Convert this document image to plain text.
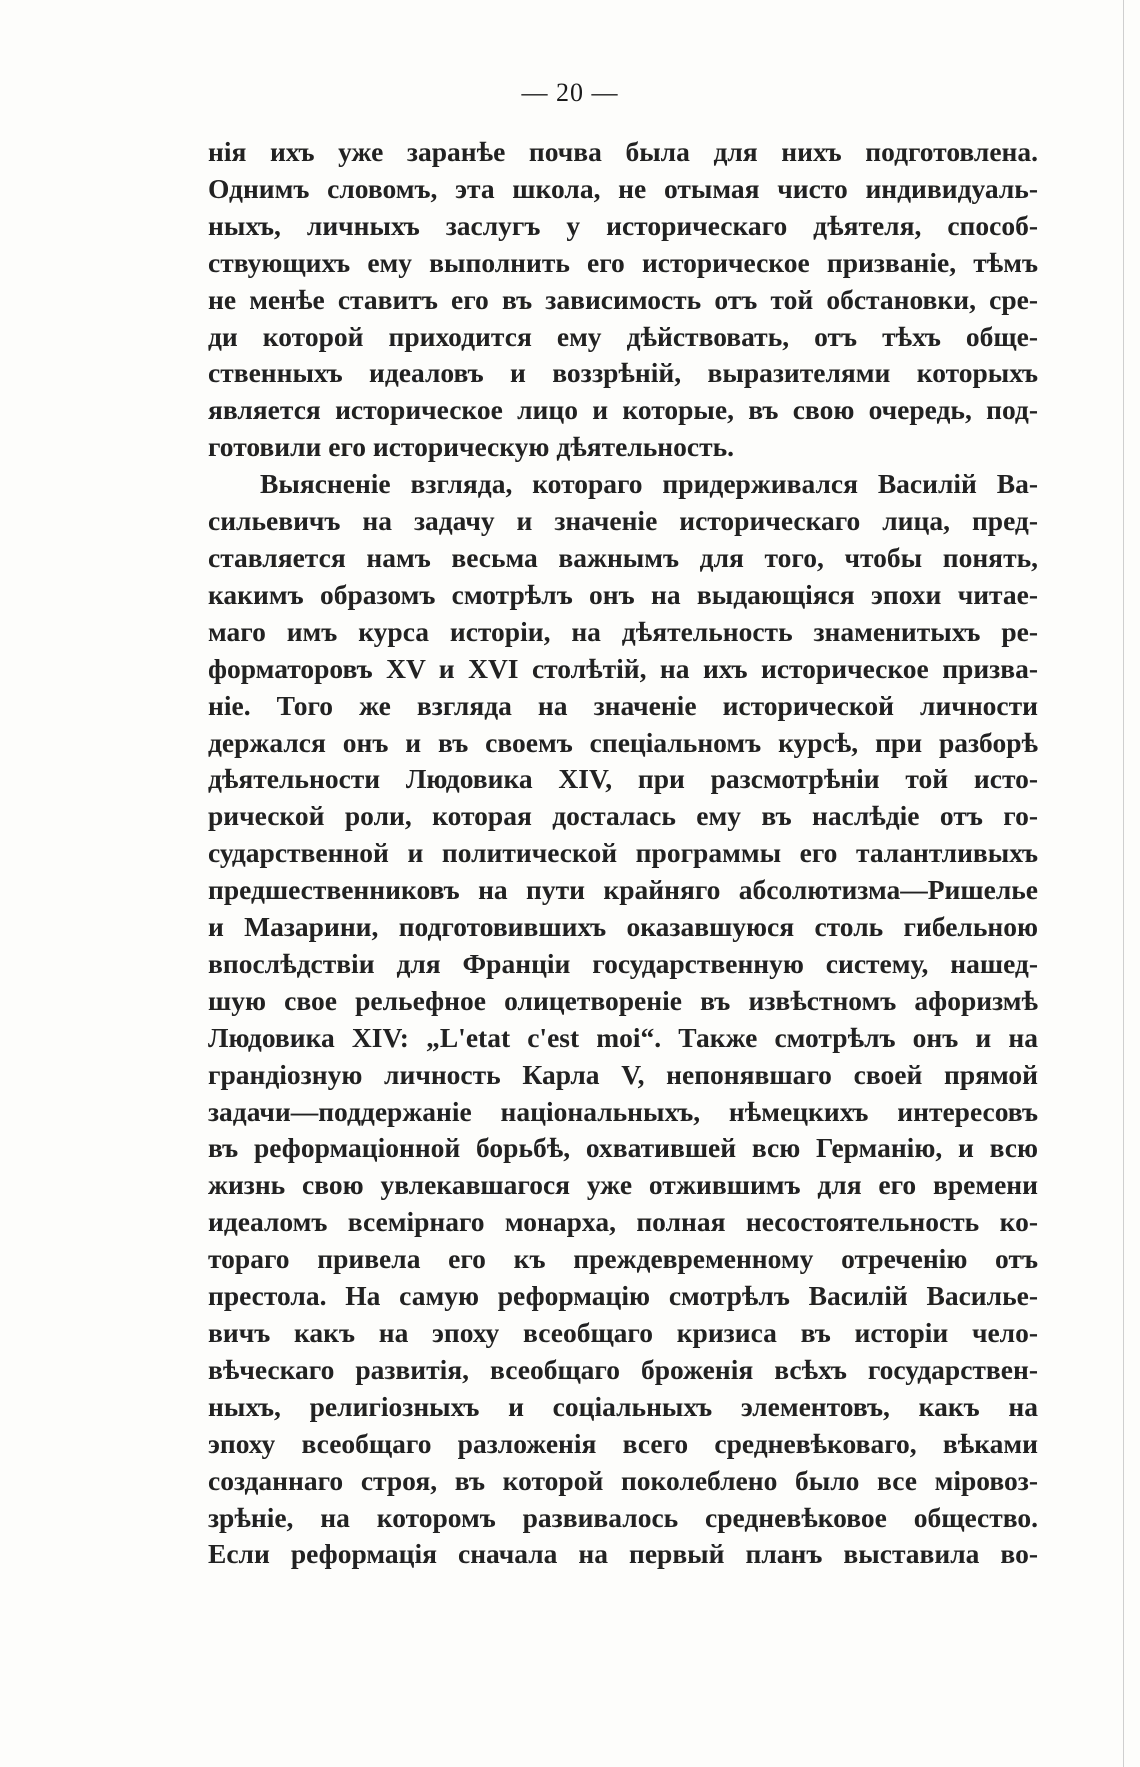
— 20 —
нія ихъ уже заранѣе почва была для нихъ подготовлена.
Однимъ словомъ, эта школа, не отымая чисто индивидуаль-
ныхъ, личныхъ заслугъ у историческаго дѣятеля, способ-
ствующихъ ему выполнить его историческое призваніе, тѣмъ
не менѣе ставитъ его въ зависимость отъ той обстановки, сре-
ди которой приходится ему дѣйствовать, отъ тѣхъ обще-
ственныхъ идеаловъ и воззрѣній, выразителями которыхъ
является историческое лицо и которые, въ свою очередь, под-
готовили его историческую дѣятельность.
Выясненіе взгляда, котораго придерживался Василій Ва-
сильевичъ на задачу и значеніе историческаго лица, пред-
ставляется намъ весьма важнымъ для того, чтобы понять,
какимъ образомъ смотрѣлъ онъ на выдающіяся эпохи читае-
маго имъ курса исторіи, на дѣятельность знаменитыхъ ре-
форматоровъ XV и XVI столѣтій, на ихъ историческое призва-
ніе. Того же взгляда на значеніе исторической личности
держался онъ и въ своемъ спеціальномъ курсѣ, при разборѣ
дѣятельности Людовика XIV, при разсмотрѣніи той исто-
рической роли, которая досталась ему въ наслѣдіе отъ го-
сударственной и политической программы его талантливыхъ
предшественниковъ на пути крайняго абсолютизма—Ришелье
и Мазарини, подготовившихъ оказавшуюся столь гибельною
впослѣдствіи для Франціи государственную систему, нашед-
шую свое рельефное олицетвореніе въ извѣстномъ афоризмѣ
Людовика XIV: „L'etat c'est moi“. Также смотрѣлъ онъ и на
грандіозную личность Карла V, непонявшаго своей прямой
задачи—поддержаніе національныхъ, нѣмецкихъ интересовъ
въ реформаціонной борьбѣ, охватившей всю Германію, и всю
жизнь свою увлекавшагося уже отжившимъ для его времени
идеаломъ всемірнаго монарха, полная несостоятельность ко-
тораго привела его къ преждевременному отреченію отъ
престола. На самую реформацію смотрѣлъ Василій Василье-
вичъ какъ на эпоху всеобщаго кризиса въ исторіи чело-
вѣческаго развитія, всеобщаго броженія всѣхъ государствен-
ныхъ, религіозныхъ и соціальныхъ элементовъ, какъ на
эпоху всеобщаго разложенія всего средневѣковаго, вѣками
созданнаго строя, въ которой поколеблено было все міровоз-
зрѣніе, на которомъ развивалось средневѣковое общество.
Если реформація сначала на первый планъ выставила во-
